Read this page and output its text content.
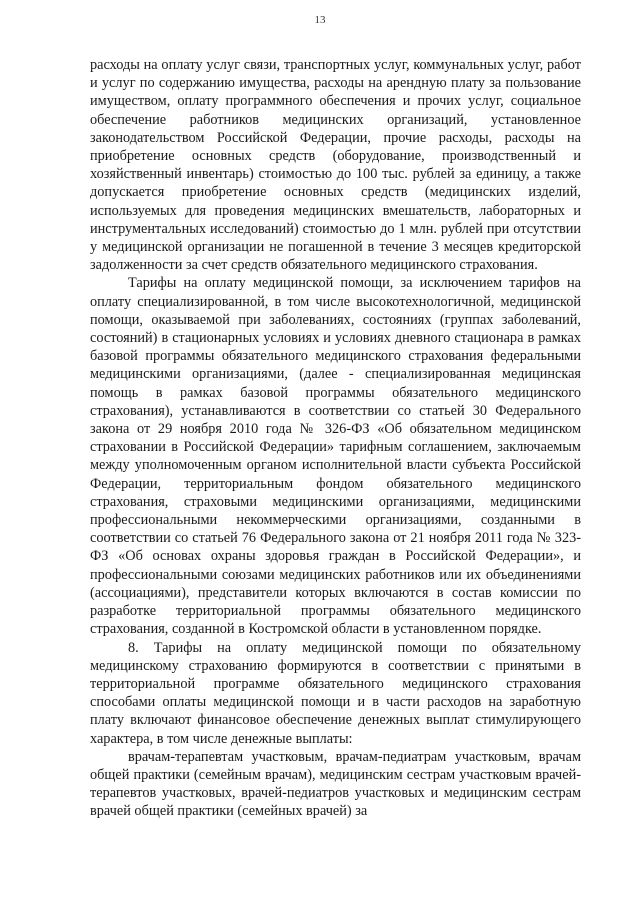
13

расходы на оплату услуг связи, транспортных услуг, коммунальных услуг, работ и услуг по содержанию имущества, расходы на арендную плату за пользование имуществом, оплату программного обеспечения и прочих услуг, социальное обеспечение работников медицинских организаций, установленное законодательством Российской Федерации, прочие расходы, расходы на приобретение основных средств (оборудование, производственный и хозяйственный инвентарь) стоимостью до 100 тыс. рублей за единицу, а также допускается приобретение основных средств (медицинских изделий, используемых для проведения медицинских вмешательств, лабораторных и инструментальных исследований) стоимостью до 1 млн. рублей при отсутствии у медицинской организации не погашенной в течение 3 месяцев кредиторской задолженности за счет средств обязательного медицинского страхования.

Тарифы на оплату медицинской помощи, за исключением тарифов на оплату специализированной, в том числе высокотехнологичной, медицинской помощи, оказываемой при заболеваниях, состояниях (группах заболеваний, состояний) в стационарных условиях и условиях дневного стационара в рамках базовой программы обязательного медицинского страхования федеральными медицинскими организациями, (далее - специализированная медицинская помощь в рамках базовой программы обязательного медицинского страхования), устанавливаются в соответствии со статьей 30 Федерального закона от 29 ноября 2010 года № 326-ФЗ «Об обязательном медицинском страховании в Российской Федерации» тарифным соглашением, заключаемым между уполномоченным органом исполнительной власти субъекта Российской Федерации, территориальным фондом обязательного медицинского страхования, страховыми медицинскими организациями, медицинскими профессиональными некоммерческими организациями, созданными в соответствии со статьей 76 Федерального закона от 21 ноября 2011 года № 323-ФЗ «Об основах охраны здоровья граждан в Российской Федерации», и профессиональными союзами медицинских работников или их объединениями (ассоциациями), представители которых включаются в состав комиссии по разработке территориальной программы обязательного медицинского страхования, созданной в Костромской области в установленном порядке.

8. Тарифы на оплату медицинской помощи по обязательному медицинскому страхованию формируются в соответствии с принятыми в территориальной программе обязательного медицинского страхования способами оплаты медицинской помощи и в части расходов на заработную плату включают финансовое обеспечение денежных выплат стимулирующего характера, в том числе денежные выплаты:

врачам-терапевтам участковым, врачам-педиатрам участковым, врачам общей практики (семейным врачам), медицинским сестрам участковым врачей-терапевтов участковых, врачей-педиатров участковых и медицинским сестрам врачей общей практики (семейных врачей) за
